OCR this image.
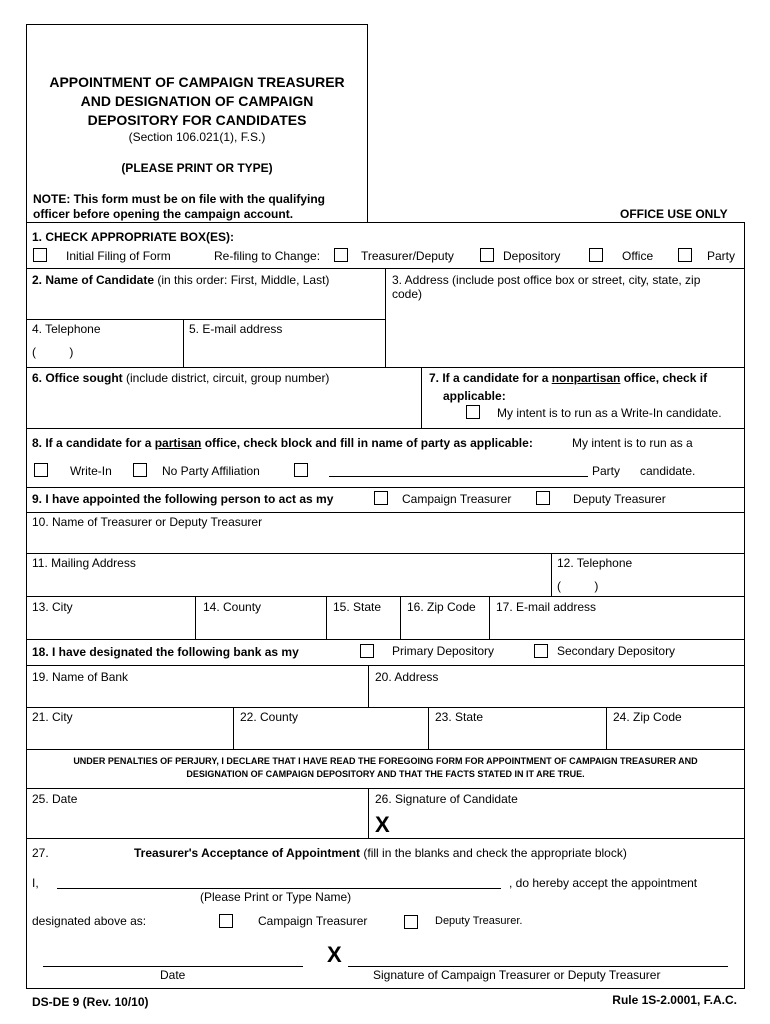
APPOINTMENT OF CAMPAIGN TREASURER
AND DESIGNATION OF CAMPAIGN
DEPOSITORY FOR CANDIDATES
(Section 106.021(1), F.S.)
(PLEASE PRINT OR TYPE)
NOTE: This form must be on file with the qualifying
officer before opening the campaign account.	OFFICE USE ONLY
1. CHECK APPROPRIATE BOX(ES):
Initial Filing of Form	Re-filing to Change:	Treasurer/Deputy	Depository	Office	Party
2. Name of Candidate (in this order: First, Middle, Last)	3. Address (include post office box or street, city, state, zip
code)
4. Telephone
(          )
5. E-mail address
6. Office sought (include district, circuit, group number)	7. If a candidate for a nonpartisan office, check if
applicable:
My intent is to run as a Write-In candidate.
8. If a candidate for a partisan office, check block and fill in name of party as applicable:	My intent is to run as a
Write-In	No Party Affiliation	Party candidate.
9. I have appointed the following person to act as my	Campaign Treasurer	Deputy Treasurer
10. Name of Treasurer or Deputy Treasurer
11. Mailing Address	12. Telephone
(          )
13. City	14. County	15. State 16. Zip Code 17. E-mail address
18. I have designated the following bank as my	Primary Depository	Secondary Depository
19. Name of Bank	20. Address
21. City	22. County	23. State	24. Zip Code
UNDER PENALTIES OF PERJURY, I DECLARE THAT I HAVE READ THE FOREGOING FORM FOR APPOINTMENT OF CAMPAIGN TREASURER AND
DESIGNATION OF CAMPAIGN DEPOSITORY AND THAT THE FACTS STATED IN IT ARE TRUE.
25. Date	26. Signature of Candidate
X
27.	Treasurer's Acceptance of Appointment (fill in the blanks and check the appropriate block)
I,	, do hereby accept the appointment
(Please Print or Type Name)
designated above as:	Campaign Treasurer	Deputy Treasurer.
X
Date	Signature of Campaign Treasurer or Deputy Treasurer
DS-DE 9 (Rev. 10/10)	Rule 1S-2.0001, F.A.C.
